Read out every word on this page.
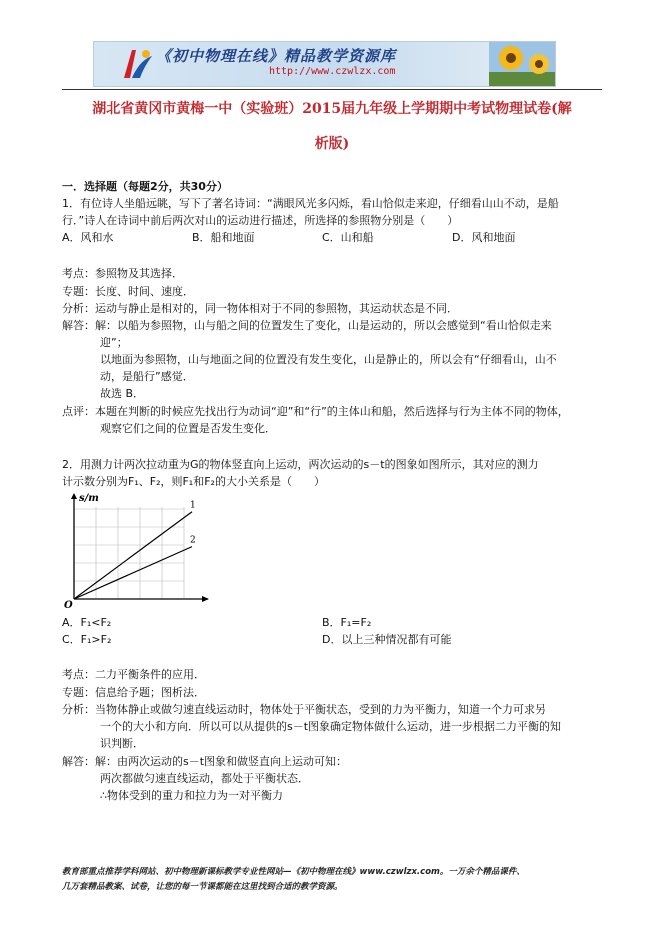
《初中物理在线》精品教学资源库
http://www.czwlzx.com
湖北省黄冈市黄梅一中（实验班）2015届九年级上学期期中考试物理试卷(解
析版)
一．选择题（每题2分，共30分）
1．有位诗人坐船远眺，写下了著名诗词：“满眼风光多闪烁，看山恰似走来迎，仔细看山山不动，是船
行．”诗人在诗词中前后两次对山的运动进行描述，所选择的参照物分别是（　　）
A．风和水	B．船和地面	C．山和船	D．风和地面
考点：参照物及其选择．
专题：长度、时间、速度．
分析：运动与静止是相对的，同一物体相对于不同的参照物，其运动状态是不同．
解答：解：以船为参照物，山与船之间的位置发生了变化，山是运动的，所以会感觉到“看山恰似走来
迎”；
以地面为参照物，山与地面之间的位置没有发生变化，山是静止的，所以会有“仔细看山，山不
动，是船行”感觉．
故选 B．
点评：本题在判断的时候应先找出行为动词“迎”和“行”的主体山和船，然后选择与行为主体不同的物体，
观察它们之间的位置是否发生变化．
2．用测力计两次拉动重为G的物体竖直向上运动，两次运动的s－t的图象如图所示，其对应的测力
计示数分别为F₁、F₂，则F₁和F₂的大小关系是（　　）
s/m
O
1
2
A．F₁<F₂	B．F₁=F₂
C．F₁>F₂	D．以上三种情况都有可能
考点：二力平衡条件的应用．
专题：信息给予题；图析法．
分析：当物体静止或做匀速直线运动时，物体处于平衡状态，受到的力为平衡力，知道一个力可求另
一个的大小和方向．所以可以从提供的s－t图象确定物体做什么运动，进一步根据二力平衡的知
识判断．
解答：解：由两次运动的s－t图象和做竖直向上运动可知：
两次都做匀速直线运动，都处于平衡状态．
∴物体受到的重力和拉力为一对平衡力
教育部重点推荐学科网站、初中物理新课标教学专业性网站—《初中物理在线》www.czwlzx.com。一万余个精品课件、
几万套精品教案、试卷，让您的每一节课都能在这里找到合适的教学资源。
